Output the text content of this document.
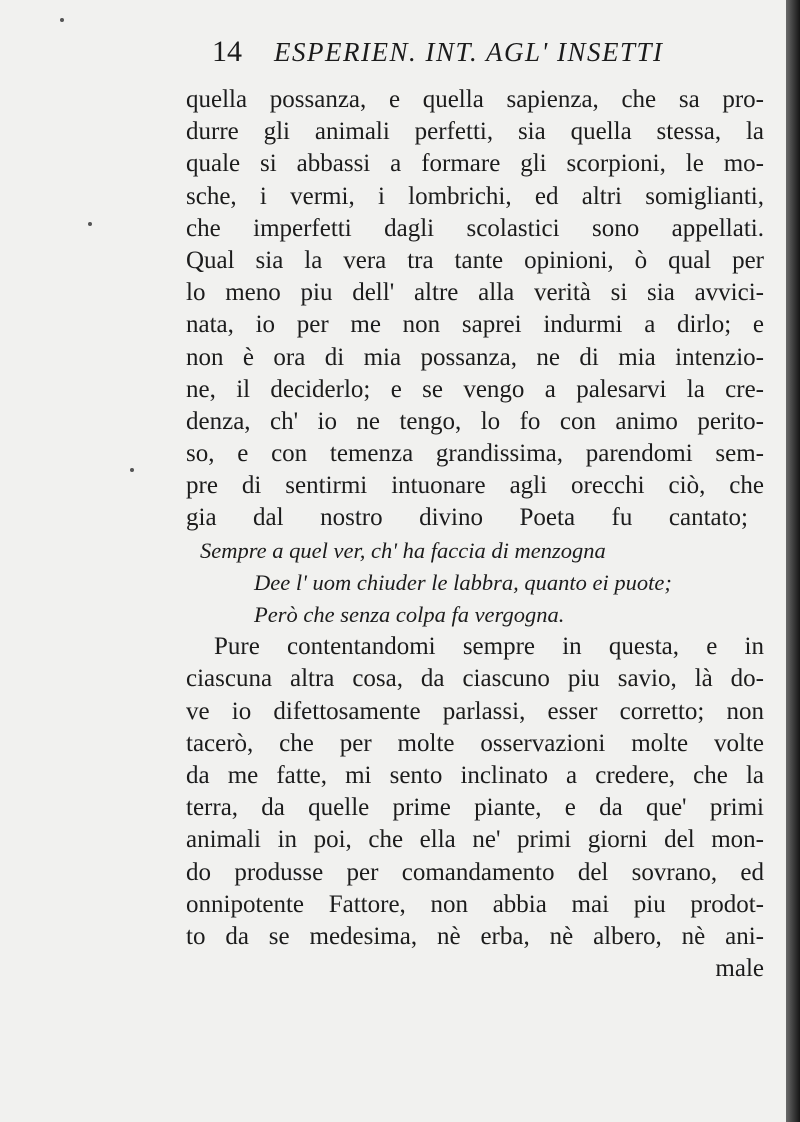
14 ESPERIEN. INT. AGL' INSETTI
quella possanza, e quella sapienza, che sa pro-
durre gli animali perfetti, sia quella stessa, la
quale si abbassi a formare gli scorpioni, le mo-
sche, i vermi, i lombrichi, ed altri somiglianti,
che imperfetti dagli scolastici sono appellati.
Qual sia la vera tra tante opinioni, ò qual per
lo meno piu dell' altre alla verità si sia avvici-
nata, io per me non saprei indurmi a dirlo; e
non è ora di mia possanza, ne di mia intenzio-
ne, il deciderlo; e se vengo a palesarvi la cre-
denza, ch' io ne tengo, lo fo con animo perito-
so, e con temenza grandissima, parendomi sem-
pre di sentirmi intuonare agli orecchi ciò, che
gia dal nostro divino Poeta fu cantato;
Sempre a quel ver, ch' ha faccia di menzogna
Dee l' uom chiuder le labbra, quanto ei puote;
Però che senza colpa fa vergogna.
Pure contentandomi sempre in questa, e in
ciascuna altra cosa, da ciascuno piu savio, là do-
ve io difettosamente parlassi, esser corretto; non
tacerò, che per molte osservazioni molte volte
da me fatte, mi sento inclinato a credere, che la
terra, da quelle prime piante, e da que' primi
animali in poi, che ella ne' primi giorni del mon-
do produsse per comandamento del sovrano, ed
onnipotente Fattore, non abbia mai piu prodot-
to da se medesima, nè erba, nè albero, nè ani-
male
